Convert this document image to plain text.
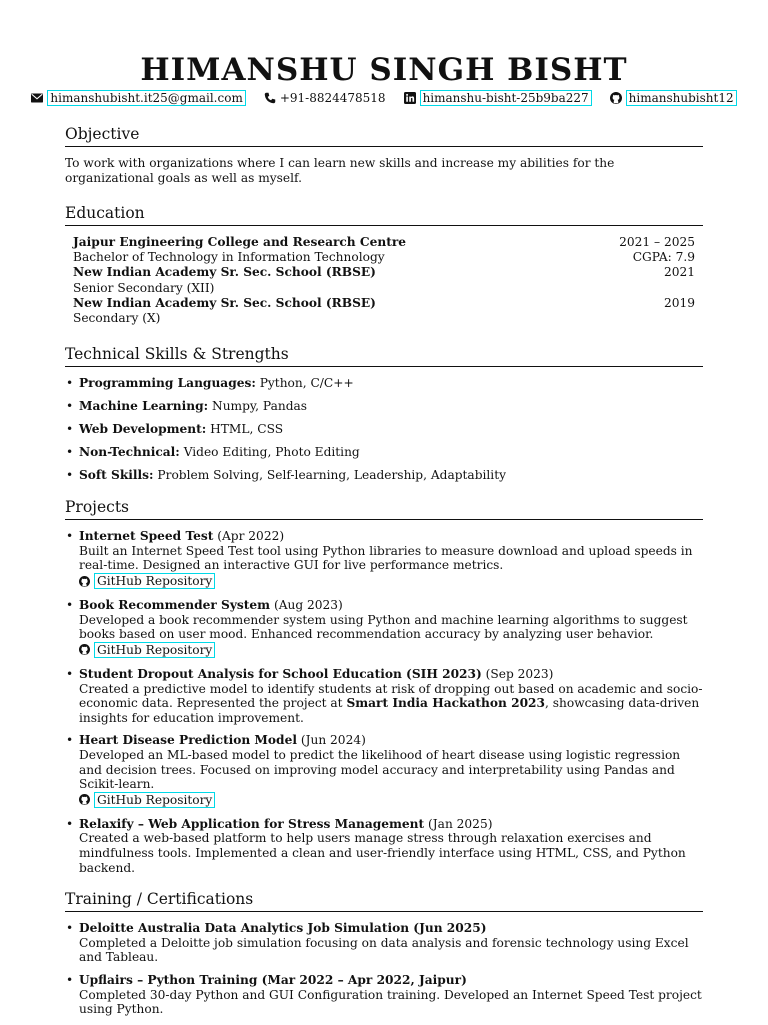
HIMANSHU SINGH BISHT
himanshubisht.it25@gmail.com	+91-8824478518	himanshu-bisht-25b9ba227	himanshubisht12
Objective
To work with organizations where I can learn new skills and increase my abilities for the organizational goals as well as myself.
Education
Jaipur Engineering College and Research Centre	2021 – 2025
Bachelor of Technology in Information Technology	CGPA: 7.9
New Indian Academy Sr. Sec. School (RBSE)	2021
Senior Secondary (XII)
New Indian Academy Sr. Sec. School (RBSE)	2019
Secondary (X)
Technical Skills & Strengths
• Programming Languages: Python, C/C++
• Machine Learning: Numpy, Pandas
• Web Development: HTML, CSS
• Non-Technical: Video Editing, Photo Editing
• Soft Skills: Problem Solving, Self-learning, Leadership, Adaptability
Projects
• Internet Speed Test (Apr 2022)
Built an Internet Speed Test tool using Python libraries to measure download and upload speeds in real-time. Designed an interactive GUI for live performance metrics.

GitHub Repository
• Book Recommender System (Aug 2023)
Developed a book recommender system using Python and machine learning algorithms to suggest books based on user mood. Enhanced recommendation accuracy by analyzing user behavior.

GitHub Repository
• Student Dropout Analysis for School Education (SIH 2023) (Sep 2023)
Created a predictive model to identify students at risk of dropping out based on academic and socio-economic data. Represented the project at Smart India Hackathon 2023, showcasing data-driven insights for education improvement.
• Heart Disease Prediction Model (Jun 2024)
Developed an ML-based model to predict the likelihood of heart disease using logistic regression and decision trees. Focused on improving model accuracy and interpretability using Pandas and Scikit-learn.

GitHub Repository
• Relaxify – Web Application for Stress Management (Jan 2025)
Created a web-based platform to help users manage stress through relaxation exercises and mindfulness tools. Implemented a clean and user-friendly interface using HTML, CSS, and Python backend.
Training / Certifications
• Deloitte Australia Data Analytics Job Simulation (Jun 2025)
Completed a Deloitte job simulation focusing on data analysis and forensic technology using Excel and Tableau.
• Upflairs – Python Training (Mar 2022 – Apr 2022, Jaipur)
Completed 30-day Python and GUI Configuration training. Developed an Internet Speed Test project using Python.
